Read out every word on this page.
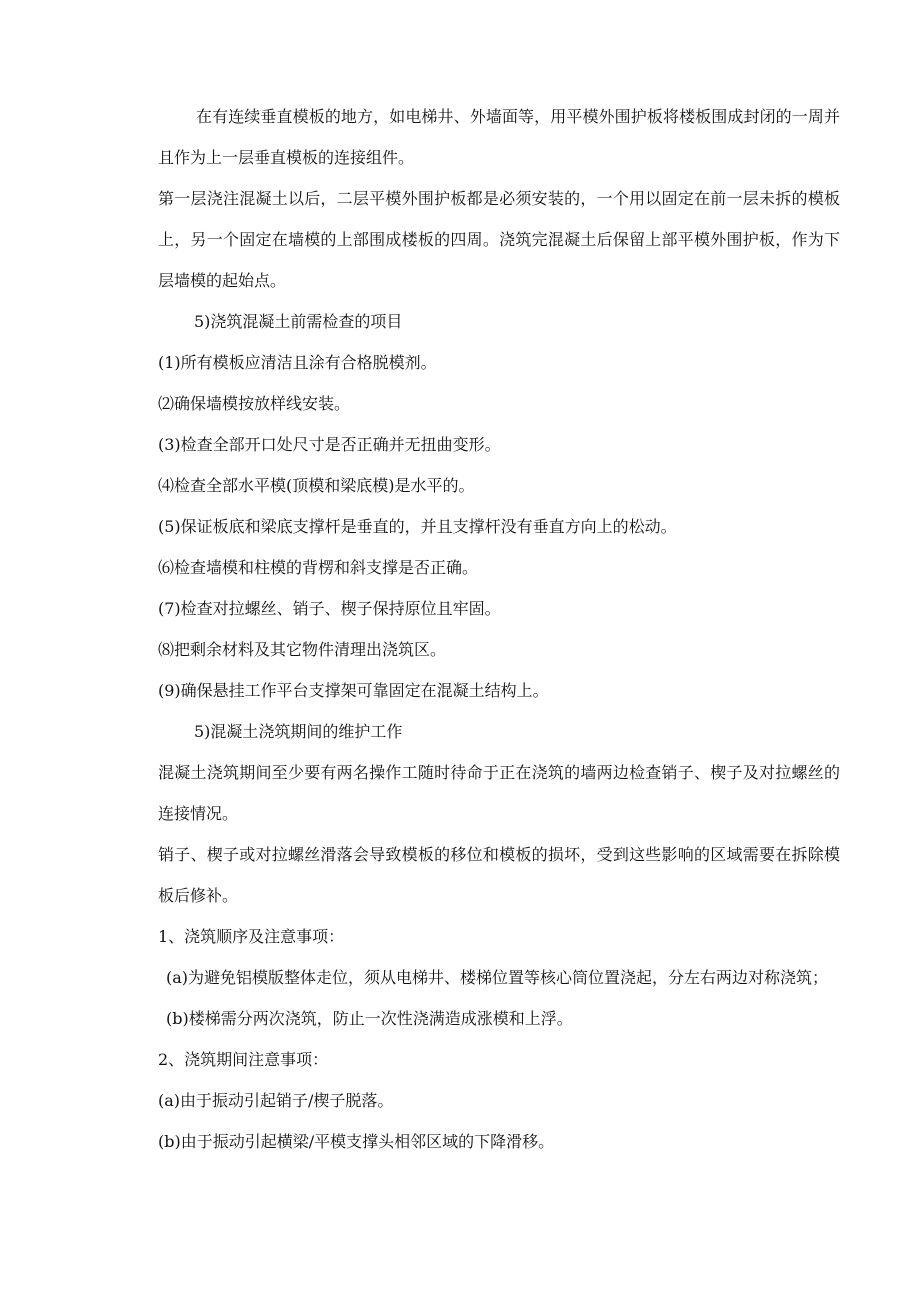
在有连续垂直模板的地方，如电梯井、外墙面等，用平模外围护板将楼板围成封闭的一周并且作为上一层垂直模板的连接组件。

第一层浇注混凝土以后，二层平模外围护板都是必须安装的，一个用以固定在前一层未拆的模板上，另一个固定在墙模的上部围成楼板的四周。浇筑完混凝土后保留上部平模外围护板，作为下层墙模的起始点。

5)浇筑混凝土前需检查的项目

(1)所有模板应清洁且涂有合格脱模剂。

⑵确保墙模按放样线安装。

(3)检查全部开口处尺寸是否正确并无扭曲变形。

⑷检查全部水平模(顶模和梁底模)是水平的。

(5)保证板底和梁底支撑杆是垂直的，并且支撑杆没有垂直方向上的松动。

⑹检查墙模和柱模的背楞和斜支撑是否正确。

(7)检查对拉螺丝、销子、楔子保持原位且牢固。

⑻把剩余材料及其它物件清理出浇筑区。

(9)确保悬挂工作平台支撑架可靠固定在混凝土结构上。

5)混凝土浇筑期间的维护工作

混凝土浇筑期间至少要有两名操作工随时待命于正在浇筑的墙两边检查销子、楔子及对拉螺丝的连接情况。

销子、楔子或对拉螺丝滑落会导致模板的移位和模板的损坏，受到这些影响的区域需要在拆除模板后修补。

1、浇筑顺序及注意事项：

(a)为避免铝模版整体走位，须从电梯井、楼梯位置等核心筒位置浇起，分左右两边对称浇筑；

(b)楼梯需分两次浇筑，防止一次性浇满造成涨模和上浮。

2、浇筑期间注意事项：

(a)由于振动引起销子/楔子脱落。

(b)由于振动引起横梁/平模支撑头相邻区域的下降滑移。
